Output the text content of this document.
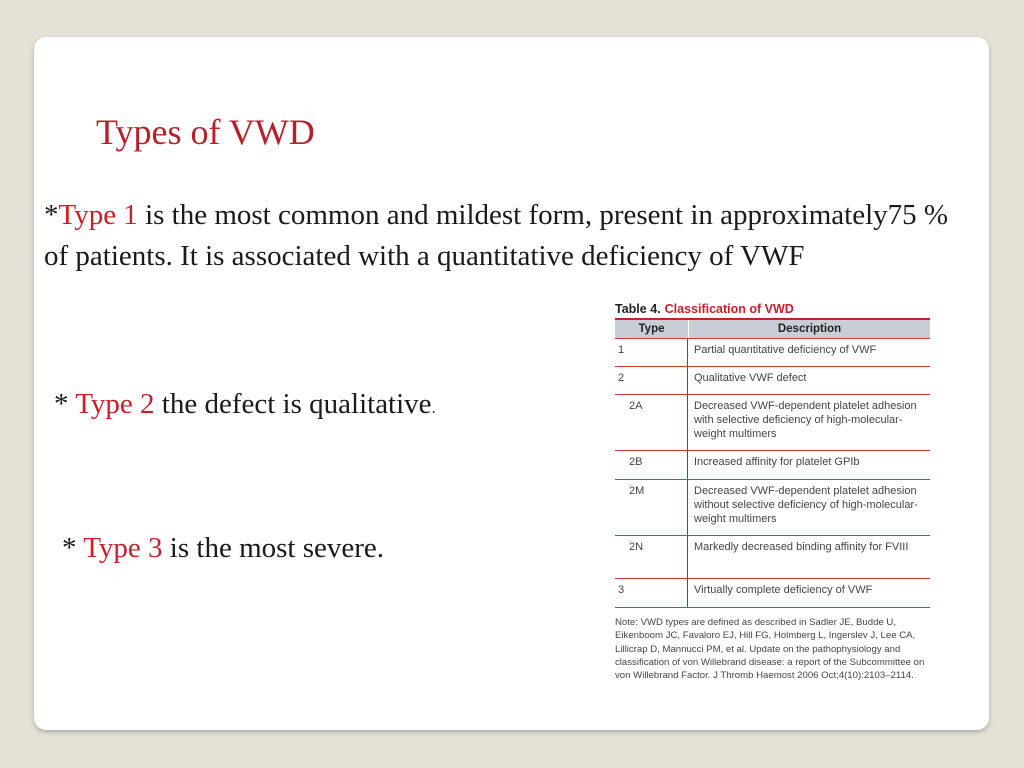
Types of VWD

*Type 1 is the most common and mildest form, present in approximately75 % of patients. It is associated with a quantitative deficiency of VWF

* Type 2 the defect is qualitative.

* Type 3 is the most severe.

Table 4. Classification of VWD
Type	Description
1	Partial quantitative deficiency of VWF
2	Qualitative VWF defect
2A	Decreased VWF-dependent platelet adhesion with selective deficiency of high-molecular-weight multimers
2B	Increased affinity for platelet GPIb
2M	Decreased VWF-dependent platelet adhesion without selective deficiency of high-molecular-weight multimers
2N	Markedly decreased binding affinity for FVIII
3	Virtually complete deficiency of VWF
Note: VWD types are defined as described in Sadler JE, Budde U, Eikenboom JC, Favaloro EJ, Hill FG, Holmberg L, Ingerslev J, Lee CA, Lillicrap D, Mannucci PM, et al. Update on the pathophysiology and classification of von Willebrand disease: a report of the Subcommittee on von Willebrand Factor. J Thromb Haemost 2006 Oct;4(10):2103–2114.
